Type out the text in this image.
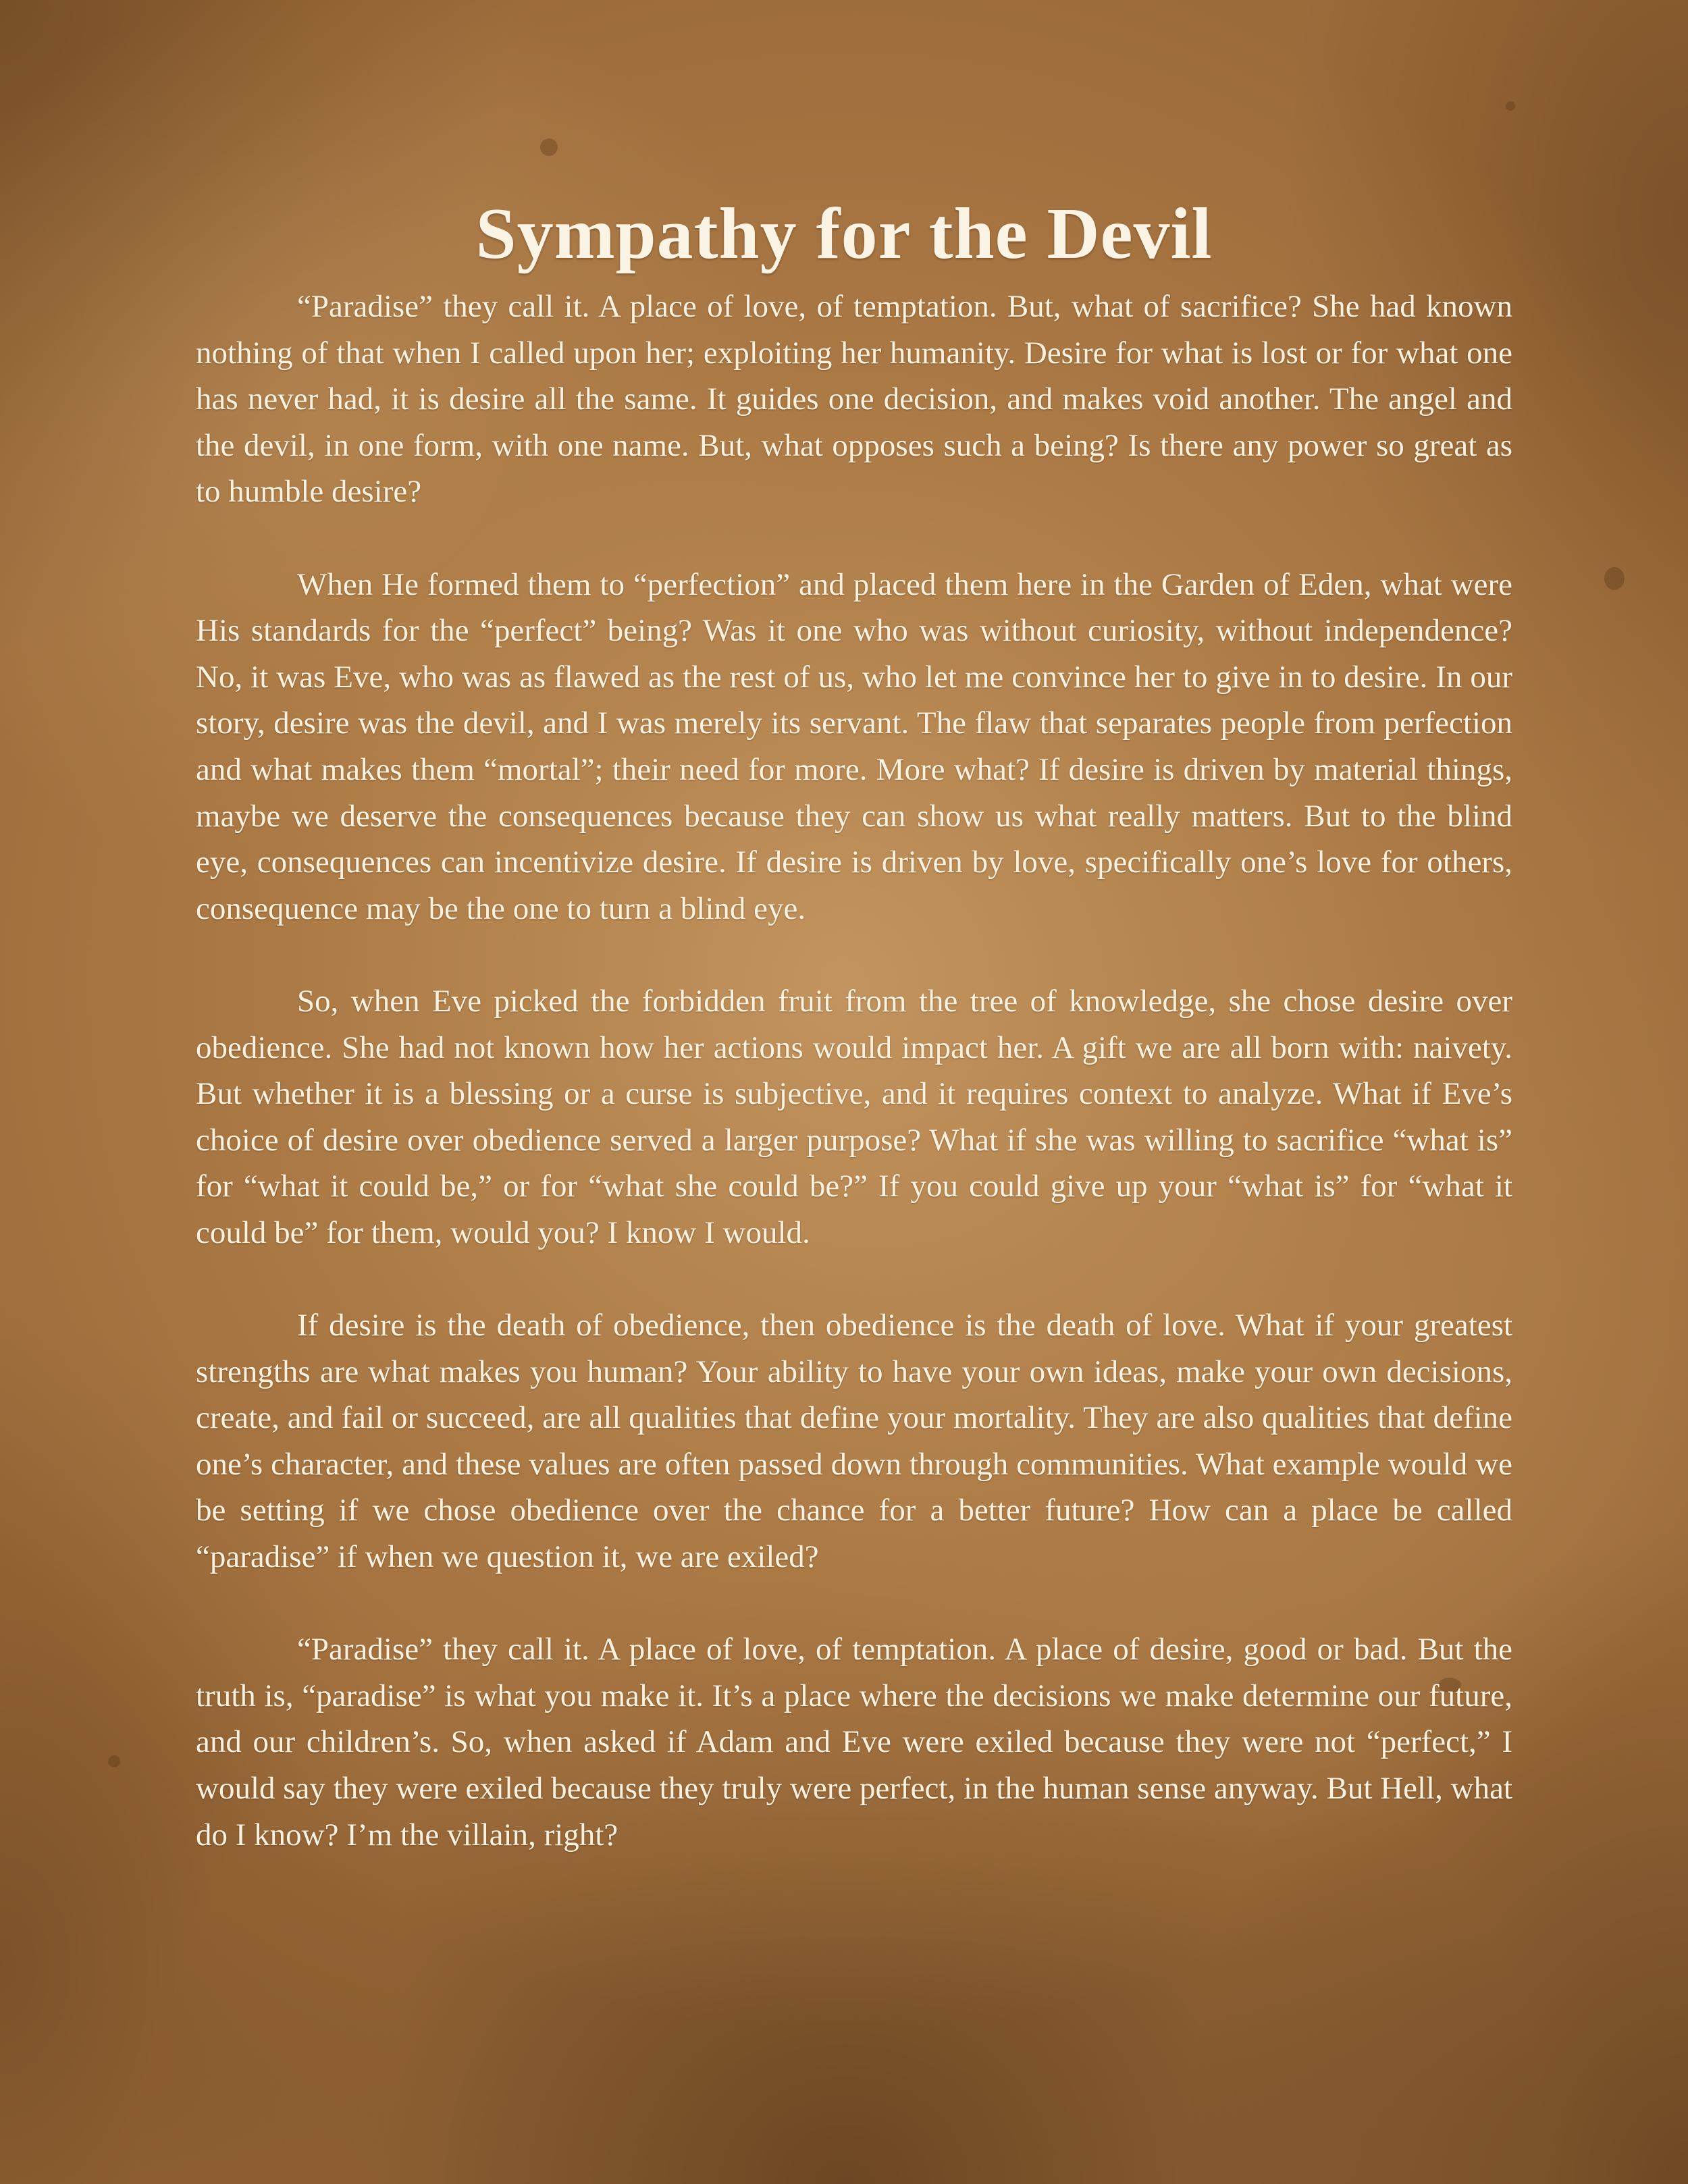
Sympathy for the Devil

“Paradise” they call it. A place of love, of temptation. But, what of sacrifice? She had known nothing of that when I called upon her; exploiting her humanity. Desire for what is lost or for what one has never had, it is desire all the same. It guides one decision, and makes void another. The angel and the devil, in one form, with one name. But, what opposes such a being? Is there any power so great as to humble desire?

When He formed them to “perfection” and placed them here in the Garden of Eden, what were His standards for the “perfect” being? Was it one who was without curiosity, without independence? No, it was Eve, who was as flawed as the rest of us, who let me convince her to give in to desire. In our story, desire was the devil, and I was merely its servant. The flaw that separates people from perfection and what makes them “mortal”; their need for more. More what? If desire is driven by material things, maybe we deserve the consequences because they can show us what really matters. But to the blind eye, consequences can incentivize desire. If desire is driven by love, specifically one’s love for others, consequence may be the one to turn a blind eye.

So, when Eve picked the forbidden fruit from the tree of knowledge, she chose desire over obedience. She had not known how her actions would impact her. A gift we are all born with: naivety. But whether it is a blessing or a curse is subjective, and it requires context to analyze. What if Eve’s choice of desire over obedience served a larger purpose? What if she was willing to sacrifice “what is” for “what it could be,” or for “what she could be?” If you could give up your “what is” for “what it could be” for them, would you? I know I would.

If desire is the death of obedience, then obedience is the death of love. What if your greatest strengths are what makes you human? Your ability to have your own ideas, make your own decisions, create, and fail or succeed, are all qualities that define your mortality. They are also qualities that define one’s character, and these values are often passed down through communities. What example would we be setting if we chose obedience over the chance for a better future? How can a place be called “paradise” if when we question it, we are exiled?

“Paradise” they call it. A place of love, of temptation. A place of desire, good or bad. But the truth is, “paradise” is what you make it. It’s a place where the decisions we make determine our future, and our children’s. So, when asked if Adam and Eve were exiled because they were not “perfect,” I would say they were exiled because they truly were perfect, in the human sense anyway. But Hell, what do I know? I’m the villain, right?
